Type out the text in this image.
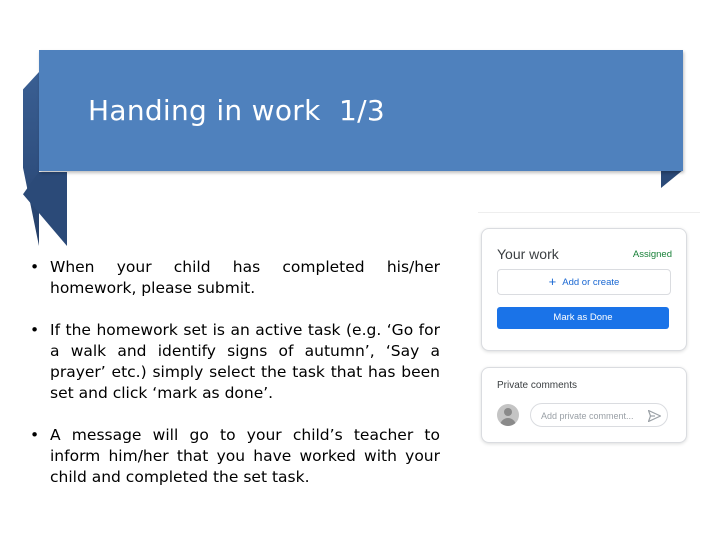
Handing in work  1/3
• When your child has completed his/her homework, please submit.
• If the homework set is an active task (e.g. ‘Go for a walk and identify signs of autumn’, ‘Say a prayer’ etc.) simply select the task that has been set and click ‘mark as done’.
• A message will go to your child’s teacher to inform him/her that you have worked with your child and completed the set task.
Your work	Assigned
+ Add or create
Mark as Done
Private comments
Add private comment...
